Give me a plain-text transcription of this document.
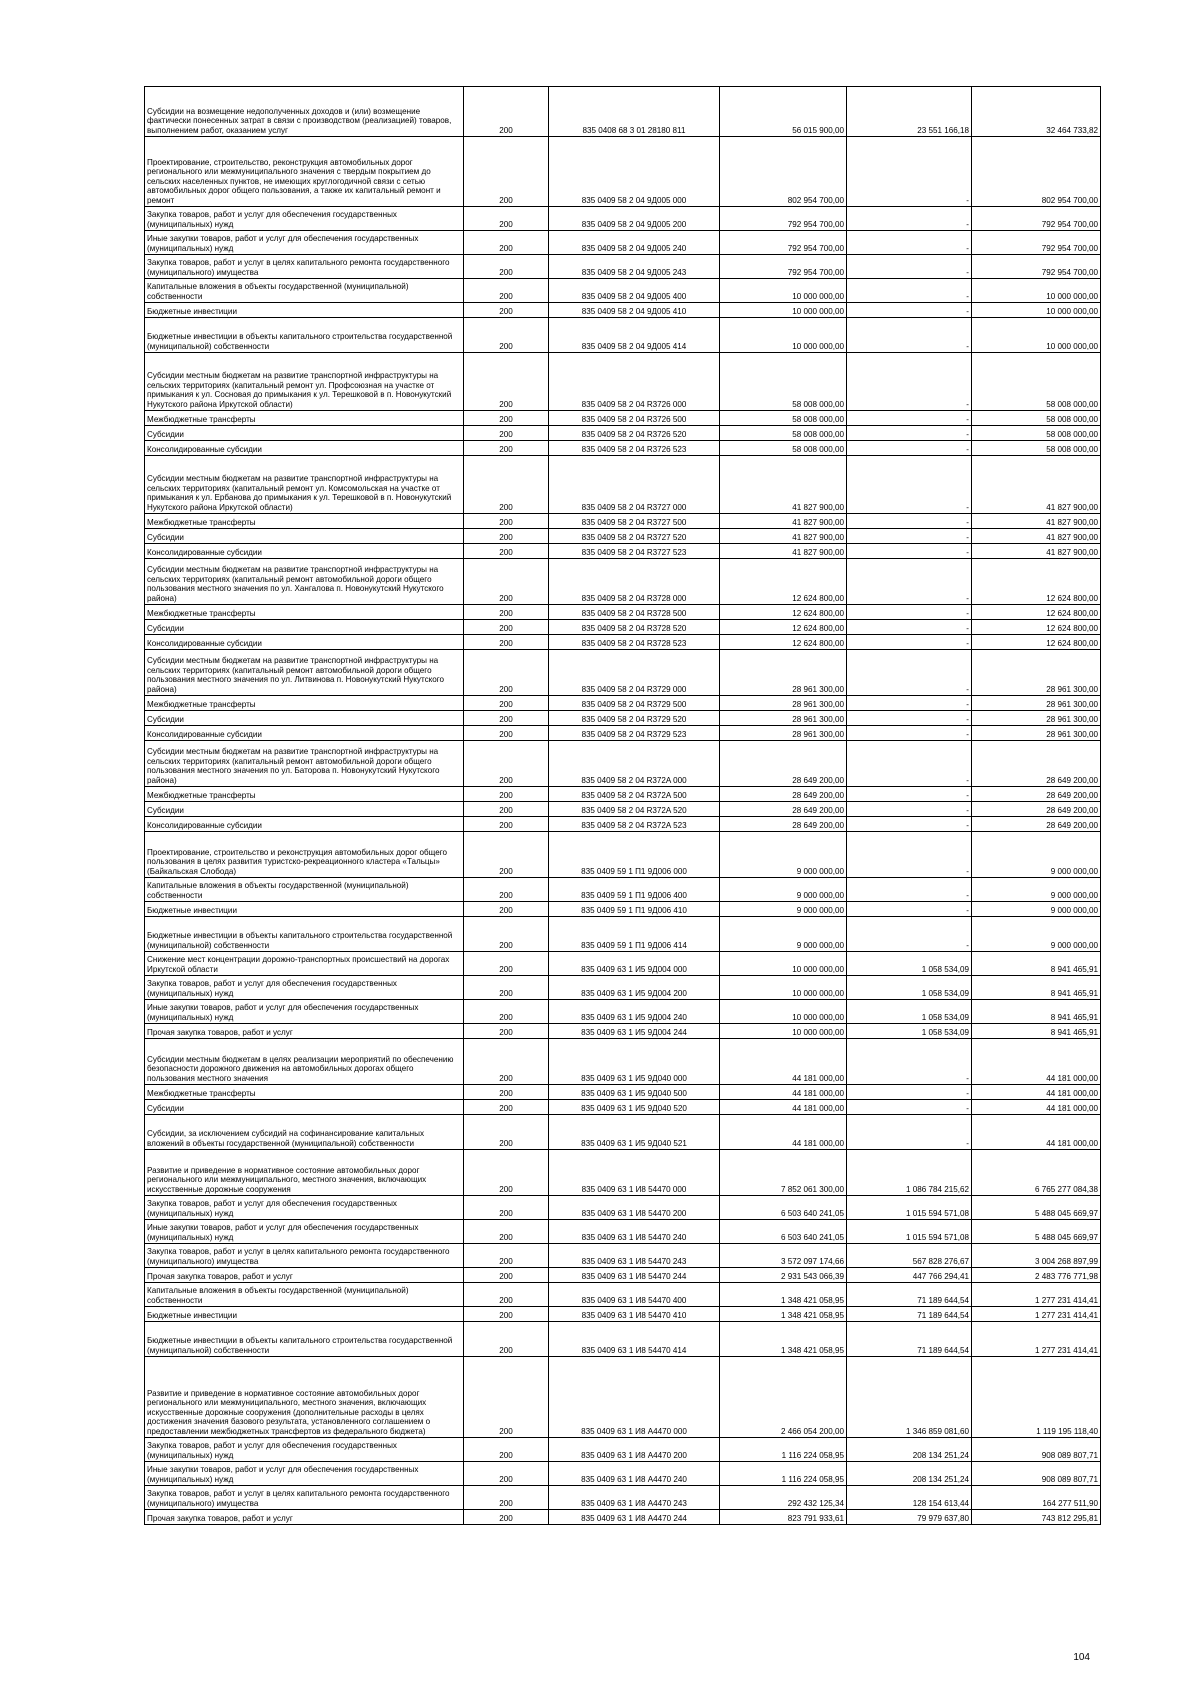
Субсидии на возмещение недополученных доходов и (или) возмещение фактически понесенных затрат в связи с производством (реализацией) товаров, выполнением работ, оказанием услуг	200	835 0408 68 3 01 28180 811	56 015 900,00	23 551 166,18	32 464 733,82
Проектирование, строительство, реконструкция автомобильных дорог регионального или межмуниципального значения с твердым покрытием до сельских населенных пунктов, не имеющих круглогодичной связи с сетью автомобильных дорог общего пользования, а также их капитальный ремонт и ремонт	200	835 0409 58 2 04 9Д005 000	802 954 700,00	-	802 954 700,00
Закупка товаров, работ и услуг для обеспечения государственных (муниципальных) нужд	200	835 0409 58 2 04 9Д005 200	792 954 700,00	-	792 954 700,00
Иные закупки товаров, работ и услуг для обеспечения государственных (муниципальных) нужд	200	835 0409 58 2 04 9Д005 240	792 954 700,00	-	792 954 700,00
Закупка товаров, работ и услуг в целях капитального ремонта государственного (муниципального) имущества	200	835 0409 58 2 04 9Д005 243	792 954 700,00	-	792 954 700,00
Капитальные вложения в объекты государственной (муниципальной) собственности	200	835 0409 58 2 04 9Д005 400	10 000 000,00	-	10 000 000,00
Бюджетные инвестиции	200	835 0409 58 2 04 9Д005 410	10 000 000,00	-	10 000 000,00
Бюджетные инвестиции в объекты капитального строительства государственной (муниципальной) собственности	200	835 0409 58 2 04 9Д005 414	10 000 000,00	-	10 000 000,00
Субсидии местным бюджетам на развитие транспортной инфраструктуры на сельских территориях (капитальный ремонт ул. Профсоюзная на участке от примыкания к ул. Сосновая до примыкания к ул. Терешковой в п. Новонукутский Нукутского района Иркутской области)	200	835 0409 58 2 04 R3726 000	58 008 000,00	-	58 008 000,00
Межбюджетные трансферты	200	835 0409 58 2 04 R3726 500	58 008 000,00	-	58 008 000,00
Субсидии	200	835 0409 58 2 04 R3726 520	58 008 000,00	-	58 008 000,00
Консолидированные субсидии	200	835 0409 58 2 04 R3726 523	58 008 000,00	-	58 008 000,00
Субсидии местным бюджетам на развитие транспортной инфраструктуры на сельских территориях (капитальный ремонт ул. Комсомольская на участке от примыкания к ул. Ербанова до примыкания к ул. Терешковой в п. Новонукутский Нукутского района Иркутской области)	200	835 0409 58 2 04 R3727 000	41 827 900,00	-	41 827 900,00
Межбюджетные трансферты	200	835 0409 58 2 04 R3727 500	41 827 900,00	-	41 827 900,00
Субсидии	200	835 0409 58 2 04 R3727 520	41 827 900,00	-	41 827 900,00
Консолидированные субсидии	200	835 0409 58 2 04 R3727 523	41 827 900,00	-	41 827 900,00
Субсидии местным бюджетам на развитие транспортной инфраструктуры на сельских территориях (капитальный ремонт автомобильной дороги общего пользования местного значения по ул. Хангалова п. Новонукутский Нукутского района)	200	835 0409 58 2 04 R3728 000	12 624 800,00	-	12 624 800,00
Межбюджетные трансферты	200	835 0409 58 2 04 R3728 500	12 624 800,00	-	12 624 800,00
Субсидии	200	835 0409 58 2 04 R3728 520	12 624 800,00	-	12 624 800,00
Консолидированные субсидии	200	835 0409 58 2 04 R3728 523	12 624 800,00	-	12 624 800,00
Субсидии местным бюджетам на развитие транспортной инфраструктуры на сельских территориях (капитальный ремонт автомобильной дороги общего пользования местного значения по ул. Литвинова п. Новонукутский Нукутского района)	200	835 0409 58 2 04 R3729 000	28 961 300,00	-	28 961 300,00
Межбюджетные трансферты	200	835 0409 58 2 04 R3729 500	28 961 300,00	-	28 961 300,00
Субсидии	200	835 0409 58 2 04 R3729 520	28 961 300,00	-	28 961 300,00
Консолидированные субсидии	200	835 0409 58 2 04 R3729 523	28 961 300,00	-	28 961 300,00
Субсидии местным бюджетам на развитие транспортной инфраструктуры на сельских территориях (капитальный ремонт автомобильной дороги общего пользования местного значения по ул. Баторова п. Новонукутский Нукутского района)	200	835 0409 58 2 04 R372A 000	28 649 200,00	-	28 649 200,00
Межбюджетные трансферты	200	835 0409 58 2 04 R372A 500	28 649 200,00	-	28 649 200,00
Субсидии	200	835 0409 58 2 04 R372A 520	28 649 200,00	-	28 649 200,00
Консолидированные субсидии	200	835 0409 58 2 04 R372A 523	28 649 200,00	-	28 649 200,00
Проектирование, строительство и реконструкция автомобильных дорог общего пользования в целях развития туристско-рекреационного кластера «Тальцы» (Байкальская Слобода)	200	835 0409 59 1 П1 9Д006 000	9 000 000,00	-	9 000 000,00
Капитальные вложения в объекты государственной (муниципальной) собственности	200	835 0409 59 1 П1 9Д006 400	9 000 000,00	-	9 000 000,00
Бюджетные инвестиции	200	835 0409 59 1 П1 9Д006 410	9 000 000,00	-	9 000 000,00
Бюджетные инвестиции в объекты капитального строительства государственной (муниципальной) собственности	200	835 0409 59 1 П1 9Д006 414	9 000 000,00	-	9 000 000,00
Снижение мест концентрации дорожно-транспортных происшествий на дорогах Иркутской области	200	835 0409 63 1 И5 9Д004 000	10 000 000,00	1 058 534,09	8 941 465,91
Закупка товаров, работ и услуг для обеспечения государственных (муниципальных) нужд	200	835 0409 63 1 И5 9Д004 200	10 000 000,00	1 058 534,09	8 941 465,91
Иные закупки товаров, работ и услуг для обеспечения государственных (муниципальных) нужд	200	835 0409 63 1 И5 9Д004 240	10 000 000,00	1 058 534,09	8 941 465,91
Прочая закупка товаров, работ и услуг	200	835 0409 63 1 И5 9Д004 244	10 000 000,00	1 058 534,09	8 941 465,91
Субсидии местным бюджетам в целях реализации мероприятий по обеспечению безопасности дорожного движения на автомобильных дорогах общего пользования местного значения	200	835 0409 63 1 И5 9Д040 000	44 181 000,00	-	44 181 000,00
Межбюджетные трансферты	200	835 0409 63 1 И5 9Д040 500	44 181 000,00	-	44 181 000,00
Субсидии	200	835 0409 63 1 И5 9Д040 520	44 181 000,00	-	44 181 000,00
Субсидии, за исключением субсидий на софинансирование капитальных вложений в объекты государственной (муниципальной) собственности	200	835 0409 63 1 И5 9Д040 521	44 181 000,00	-	44 181 000,00
Развитие и приведение в нормативное состояние автомобильных дорог регионального или межмуниципального, местного значения, включающих искусственные дорожные сооружения	200	835 0409 63 1 И8 54470 000	7 852 061 300,00	1 086 784 215,62	6 765 277 084,38
Закупка товаров, работ и услуг для обеспечения государственных (муниципальных) нужд	200	835 0409 63 1 И8 54470 200	6 503 640 241,05	1 015 594 571,08	5 488 045 669,97
Иные закупки товаров, работ и услуг для обеспечения государственных (муниципальных) нужд	200	835 0409 63 1 И8 54470 240	6 503 640 241,05	1 015 594 571,08	5 488 045 669,97
Закупка товаров, работ и услуг в целях капитального ремонта государственного (муниципального) имущества	200	835 0409 63 1 И8 54470 243	3 572 097 174,66	567 828 276,67	3 004 268 897,99
Прочая закупка товаров, работ и услуг	200	835 0409 63 1 И8 54470 244	2 931 543 066,39	447 766 294,41	2 483 776 771,98
Капитальные вложения в объекты государственной (муниципальной) собственности	200	835 0409 63 1 И8 54470 400	1 348 421 058,95	71 189 644,54	1 277 231 414,41
Бюджетные инвестиции	200	835 0409 63 1 И8 54470 410	1 348 421 058,95	71 189 644,54	1 277 231 414,41
Бюджетные инвестиции в объекты капитального строительства государственной (муниципальной) собственности	200	835 0409 63 1 И8 54470 414	1 348 421 058,95	71 189 644,54	1 277 231 414,41
Развитие и приведение в нормативное состояние автомобильных дорог регионального или межмуниципального, местного значения, включающих искусственные дорожные сооружения (дополнительные расходы в целях достижения значения базового результата, установленного соглашением о предоставлении межбюджетных трансфертов из федерального бюджета)	200	835 0409 63 1 И8 А4470 000	2 466 054 200,00	1 346 859 081,60	1 119 195 118,40
Закупка товаров, работ и услуг для обеспечения государственных (муниципальных) нужд	200	835 0409 63 1 И8 А4470 200	1 116 224 058,95	208 134 251,24	908 089 807,71
Иные закупки товаров, работ и услуг для обеспечения государственных (муниципальных) нужд	200	835 0409 63 1 И8 А4470 240	1 116 224 058,95	208 134 251,24	908 089 807,71
Закупка товаров, работ и услуг в целях капитального ремонта государственного (муниципального) имущества	200	835 0409 63 1 И8 А4470 243	292 432 125,34	128 154 613,44	164 277 511,90
Прочая закупка товаров, работ и услуг	200	835 0409 63 1 И8 А4470 244	823 791 933,61	79 979 637,80	743 812 295,81
104
